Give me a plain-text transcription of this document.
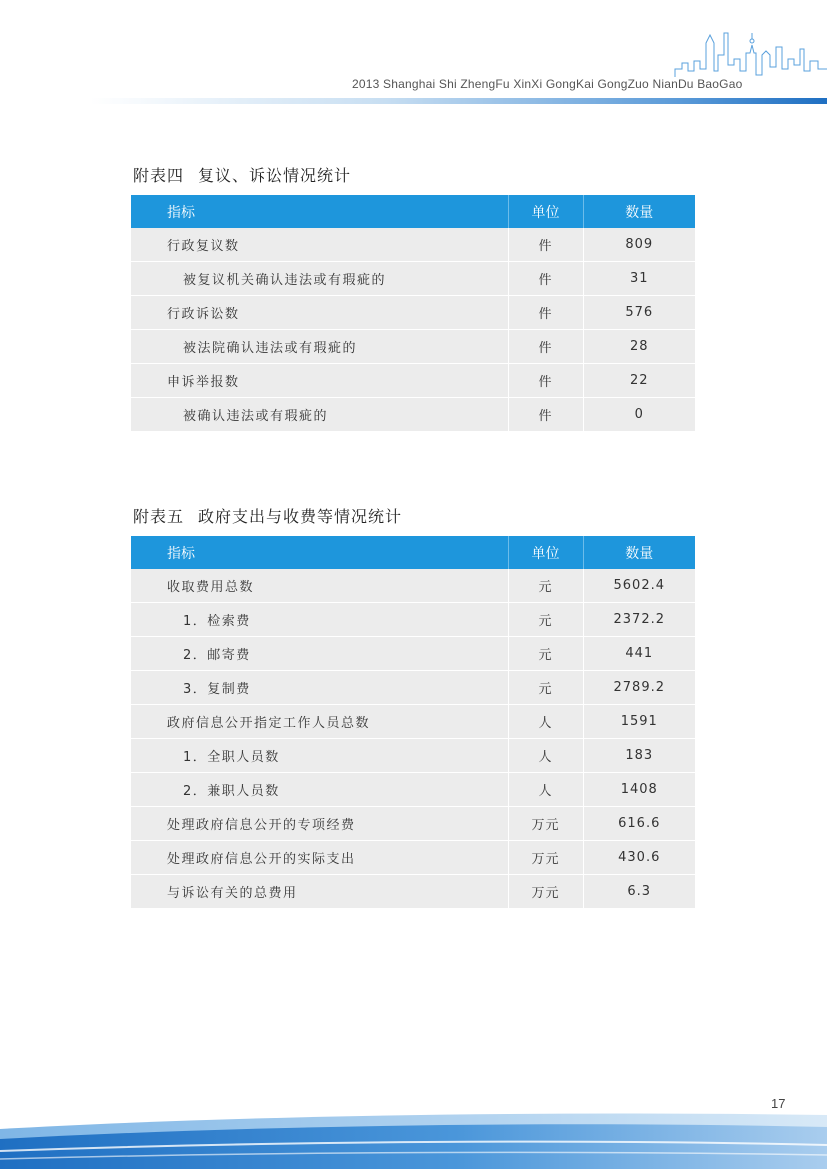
2013 Shanghai Shi ZhengFu XinXi GongKai GongZuo NianDu BaoGao
附表四 复议、诉讼情况统计
指标	单位	数量
行政复议数	件	809
被复议机关确认违法或有瑕疵的	件	31
行政诉讼数	件	576
被法院确认违法或有瑕疵的	件	28
申诉举报数	件	22
被确认违法或有瑕疵的	件	0
附表五 政府支出与收费等情况统计
指标	单位	数量
收取费用总数	元	5602.4
1．检索费	元	2372.2
2．邮寄费	元	441
3．复制费	元	2789.2
政府信息公开指定工作人员总数	人	1591
1．全职人员数	人	183
2．兼职人员数	人	1408
处理政府信息公开的专项经费	万元	616.6
处理政府信息公开的实际支出	万元	430.6
与诉讼有关的总费用	万元	6.3
17
